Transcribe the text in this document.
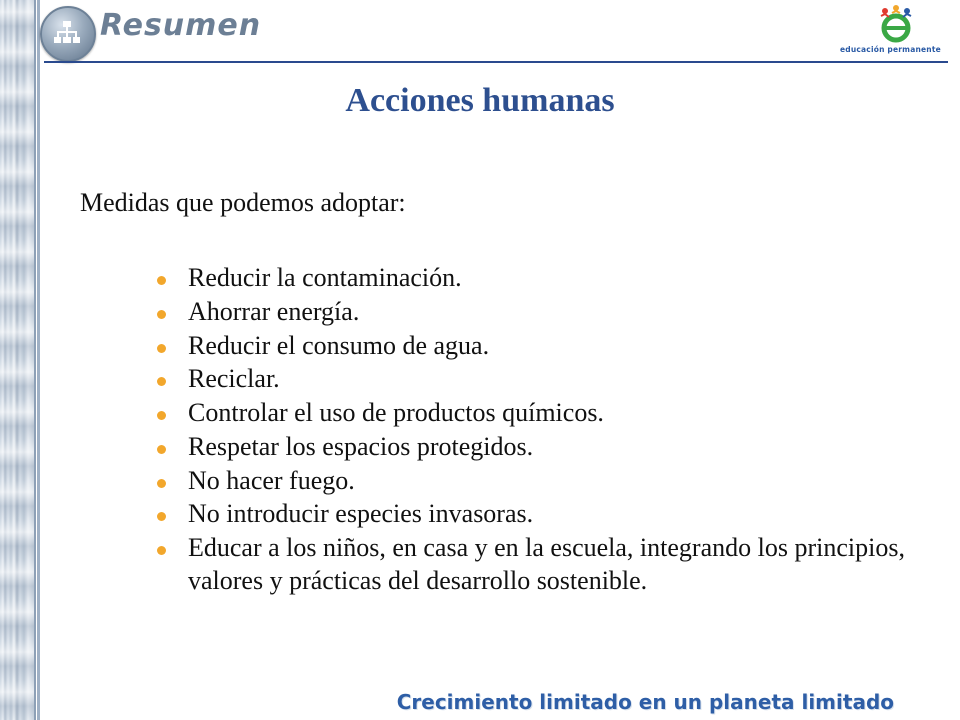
Resumen
educación permanente
Acciones humanas
Medidas que podemos adoptar:
Reducir la contaminación.
Ahorrar energía.
Reducir el consumo de agua.
Reciclar.
Controlar el uso de productos químicos.
Respetar los espacios protegidos.
No hacer fuego.
No introducir especies invasoras.
Educar a los niños, en casa y en la escuela, integrando los principios, valores y prácticas del desarrollo sostenible.
Crecimiento limitado en un planeta limitado
